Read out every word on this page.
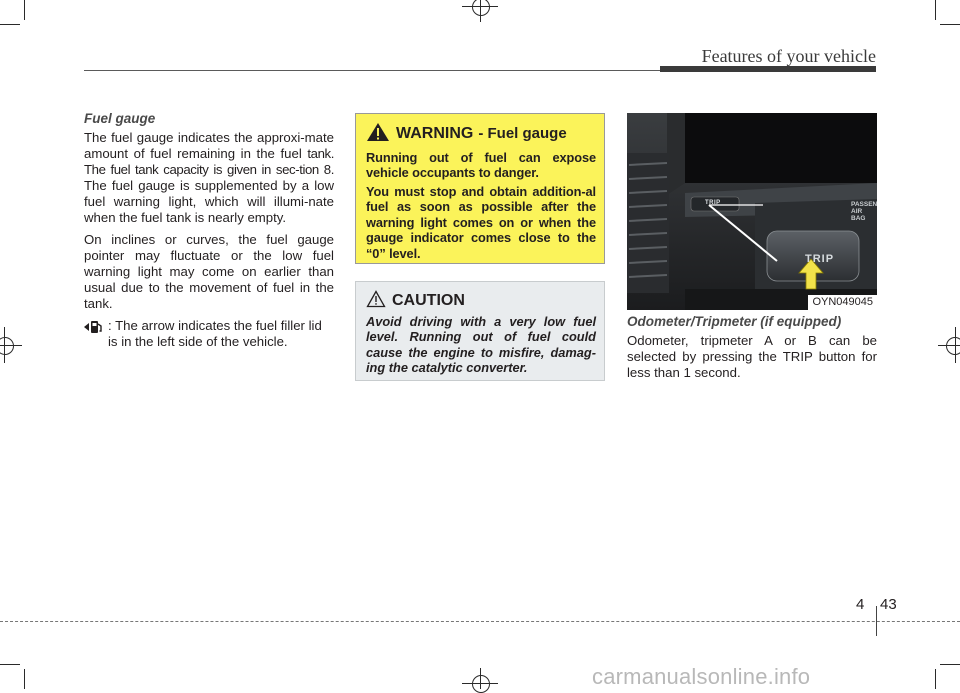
Features of your vehicle
Fuel gauge

The fuel gauge indicates the approxi-mate amount of fuel remaining in the fuel tank. The fuel tank capacity is given in sec-tion 8. The fuel gauge is supplemented by a low fuel warning light, which will illumi-nate when the fuel tank is nearly empty.

On inclines or curves, the fuel gauge pointer may fluctuate or the low fuel warning light may come on earlier than usual due to the movement of fuel in the tank.

: The arrow indicates the fuel filler lid is in the left side of the vehicle.
WARNING - Fuel gauge

Running out of fuel can expose vehicle occupants to danger.

You must stop and obtain addition-al fuel as soon as possible after the warning light comes on or when the gauge indicator comes close to the “0” level.

CAUTION

Avoid driving with a very low fuel level. Running out of fuel could cause the engine to misfire, damag-ing the catalytic converter.

TRIP
TRIP
PASSEN
AIR BAG
OYN049045
Odometer/Tripmeter (if equipped)

Odometer, tripmeter A or B can be selected by pressing the TRIP button for less than 1 second.

4 43
carmanualsonline.info
